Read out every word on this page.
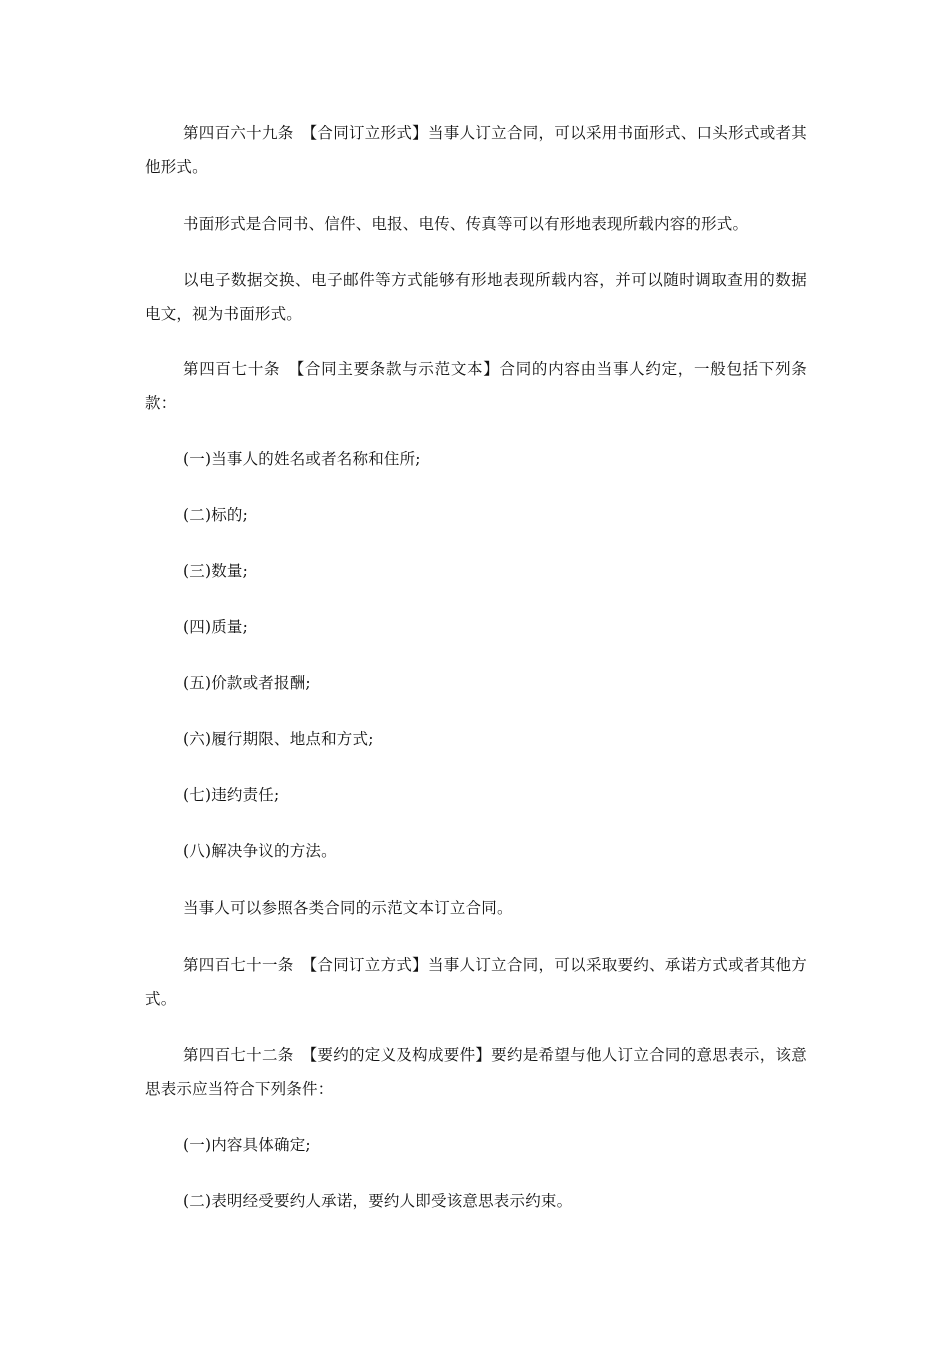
第四百六十九条　【合同订立形式】当事人订立合同，可以采用书面形式、口头形式或者其他形式。

书面形式是合同书、信件、电报、电传、传真等可以有形地表现所载内容的形式。

以电子数据交换、电子邮件等方式能够有形地表现所载内容，并可以随时调取查用的数据电文，视为书面形式。

第四百七十条　【合同主要条款与示范文本】合同的内容由当事人约定，一般包括下列条款：

(一)当事人的姓名或者名称和住所;

(二)标的;

(三)数量;

(四)质量;

(五)价款或者报酬;

(六)履行期限、地点和方式;

(七)违约责任;

(八)解决争议的方法。

当事人可以参照各类合同的示范文本订立合同。

第四百七十一条　【合同订立方式】当事人订立合同，可以采取要约、承诺方式或者其他方式。

第四百七十二条　【要约的定义及构成要件】要约是希望与他人订立合同的意思表示，该意思表示应当符合下列条件：

(一)内容具体确定;

(二)表明经受要约人承诺，要约人即受该意思表示约束。
